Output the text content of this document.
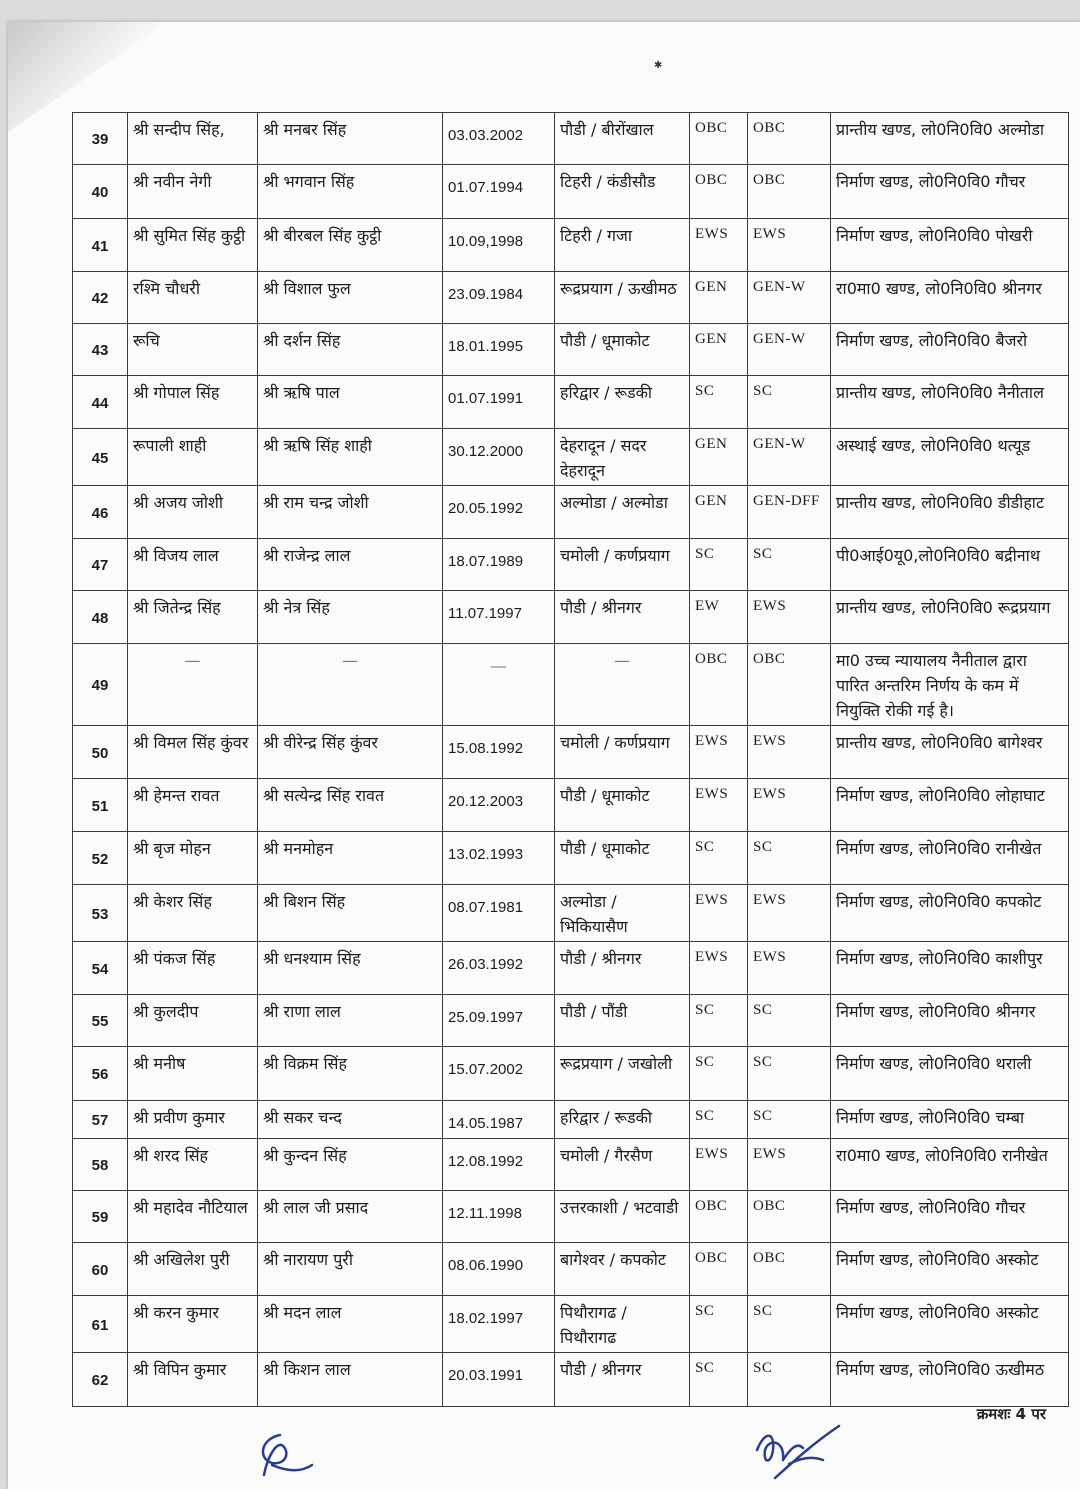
✱
39	श्री सन्दीप सिंह,	श्री मनबर सिंह	03.03.2002	पौडी / बीरोंखाल	OBC	OBC	प्रान्तीय खण्ड, लो0नि0वि0 अल्मोडा
40	श्री नवीन नेगी	श्री भगवान सिंह	01.07.1994	टिहरी / कंडीसौड	OBC	OBC	निर्माण खण्ड, लो0नि0वि0 गौचर
41	श्री सुमित सिंह कुट्ठी	श्री बीरबल सिंह कुट्ठी	10.09,1998	टिहरी / गजा	EWS	EWS	निर्माण खण्ड, लो0नि0वि0 पोखरी
42	रश्मि चौधरी	श्री विशाल फुल	23.09.1984	रूद्रप्रयाग / ऊखीमठ	GEN	GEN-W	रा0मा0 खण्ड, लो0नि0वि0 श्रीनगर
43	रूचि	श्री दर्शन सिंह	18.01.1995	पौडी / धूमाकोट	GEN	GEN-W	निर्माण खण्ड, लो0नि0वि0 बैजरो
44	श्री गोपाल सिंह	श्री ऋषि पाल	01.07.1991	हरिद्वार / रूडकी	SC	SC	प्रान्तीय खण्ड, लो0नि0वि0 नैनीताल
45	रूपाली शाही	श्री ऋषि सिंह शाही	30.12.2000	देहरादून / सदर देहरादून	GEN	GEN-W	अस्थाई खण्ड, लो0नि0वि0 थत्यूड
46	श्री अजय जोशी	श्री राम चन्द्र जोशी	20.05.1992	अल्मोडा / अल्मोडा	GEN	GEN-DFF	प्रान्तीय खण्ड, लो0नि0वि0 डीडीहाट
47	श्री विजय लाल	श्री राजेन्द्र लाल	18.07.1989	चमोली / कर्णप्रयाग	SC	SC	पी0आई0यू0,लो0नि0वि0 बद्रीनाथ
48	श्री जितेन्द्र सिंह	श्री नेत्र सिंह	11.07.1997	पौडी / श्रीनगर	EW	EWS	प्रान्तीय खण्ड, लो0नि0वि0 रूद्रप्रयाग
49	—	—	—	—	OBC	OBC	मा0 उच्च न्यायालय नैनीताल द्वारा पारित अन्तरिम निर्णय के कम में नियुक्ति रोकी गई है।
50	श्री विमल सिंह कुंवर	श्री वीरेन्द्र सिंह कुंवर	15.08.1992	चमोली / कर्णप्रयाग	EWS	EWS	प्रान्तीय खण्ड, लो0नि0वि0 बागेश्वर
51	श्री हेमन्त रावत	श्री सत्येन्द्र सिंह रावत	20.12.2003	पौडी / धूमाकोट	EWS	EWS	निर्माण खण्ड, लो0नि0वि0 लोहाघाट
52	श्री बृज मोहन	श्री मनमोहन	13.02.1993	पौडी / धूमाकोट	SC	SC	निर्माण खण्ड, लो0नि0वि0 रानीखेत
53	श्री केशर सिंह	श्री बिशन सिंह	08.07.1981	अल्मोडा / भिकियासैण	EWS	EWS	निर्माण खण्ड, लो0नि0वि0 कपकोट
54	श्री पंकज सिंह	श्री धनश्याम सिंह	26.03.1992	पौडी / श्रीनगर	EWS	EWS	निर्माण खण्ड, लो0नि0वि0 काशीपुर
55	श्री कुलदीप	श्री राणा लाल	25.09.1997	पौडी / पौंडी	SC	SC	निर्माण खण्ड, लो0नि0वि0 श्रीनगर
56	श्री मनीष	श्री विक्रम सिंह	15.07.2002	रूद्रप्रयाग / जखोली	SC	SC	निर्माण खण्ड, लो0नि0वि0 थराली
57	श्री प्रवीण कुमार	श्री सकर चन्द	14.05.1987	हरिद्वार / रूडकी	SC	SC	निर्माण खण्ड, लो0नि0वि0 चम्बा
58	श्री शरद सिंह	श्री कुन्दन सिंह	12.08.1992	चमोली / गैरसैण	EWS	EWS	रा0मा0 खण्ड, लो0नि0वि0 रानीखेत
59	श्री महादेव नौटियाल	श्री लाल जी प्रसाद	12.11.1998	उत्तरकाशी / भटवाडी	OBC	OBC	निर्माण खण्ड, लो0नि0वि0 गौचर
60	श्री अखिलेश पुरी	श्री नारायण पुरी	08.06.1990	बागेश्वर / कपकोट	OBC	OBC	निर्माण खण्ड, लो0नि0वि0 अस्कोट
61	श्री करन कुमार	श्री मदन लाल	18.02.1997	पिथौरागढ / पिथौरागढ	SC	SC	निर्माण खण्ड, लो0नि0वि0 अस्कोट
62	श्री विपिन कुमार	श्री किशन लाल	20.03.1991	पौडी / श्रीनगर	SC	SC	निर्माण खण्ड, लो0नि0वि0 ऊखीमठ
क्रमशः 4 पर
